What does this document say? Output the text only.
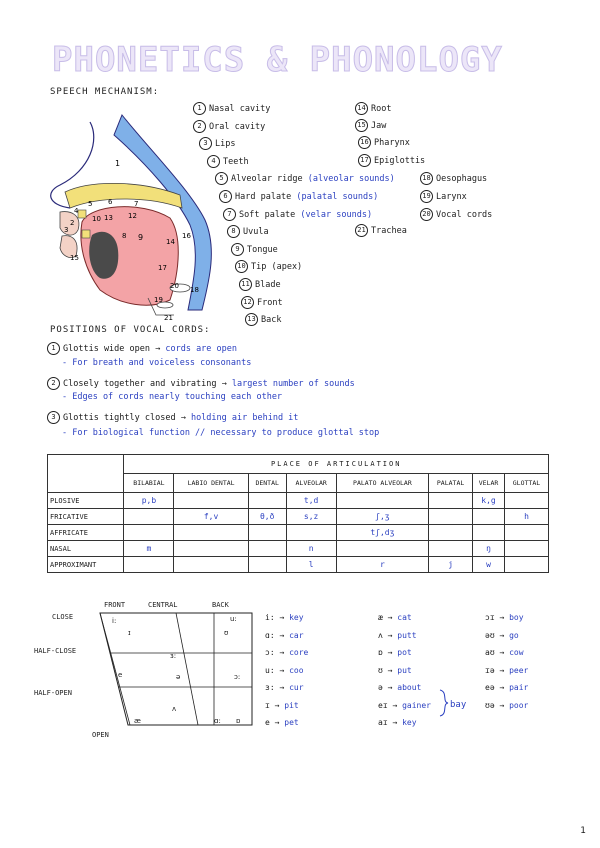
PHONETICS & PHONOLOGY
SPEECH MECHANISM:
1
13 12
10
4
3
9
8
14
16
17
20 18
19
21
5 6	7
2
15
1 Nasal cavity
2 Oral cavity
3 Lips
4 Teeth
5 Alveolar ridge (alveolar sounds)
6 Hard palate (palatal sounds)
7 Soft palate (velar sounds)
8 Uvula
9 Tongue
10 Tip (apex)
11 Blade
12 Front
13 Back
14 Root
15 Jaw
16 Pharynx
17 Epiglottis
18 Oesophagus
19 Larynx
20 Vocal cords
21 Trachea
POSITIONS OF VOCAL CORDS:
1 Glottis wide open → cords are open
- For breath and voiceless consonants
2 Closely together and vibrating → largest number of sounds
- Edges of cords nearly touching each other
3 Glottis tightly closed → holding air behind it
- For biological function // necessary to produce glottal stop
	PLACE OF ARTICULATION							
	BILABIAL	LABIO DENTAL	DENTAL	ALVEOLAR	PALATO ALVEOLAR	PALATAL	VELAR	GLOTTAL
PLOSIVE	p,b			t,d			k,g	
FRICATIVE		f,v	θ,ð	s,z	ʃ,ʒ			h
AFFRICATE					tʃ,dʒ			
NASAL	m			n			ŋ	
APPROXIMANT				l	r	j	w	
FRONT	CENTRAL	BACK
CLOSE
HALF-CLOSE
HALF-OPEN
OPEN
i:
ɪ
u:
ʊ
ɜ:
ə
e	ɔ:
ʌ
æ	ɒ
ɑ:
i: → key
ɑ: → car
ɔ: → core
u: → coo
ɜ: → cur
ɪ → pit
e → pet
æ → cat
ʌ → putt
ɒ → pot
ʊ → put
ə → about
eɪ → gainer
aɪ → key
ɔɪ → boy
əʊ → go
aʊ → cow
ɪə → peer
eə → pair
ʊə → poor
bay
1
